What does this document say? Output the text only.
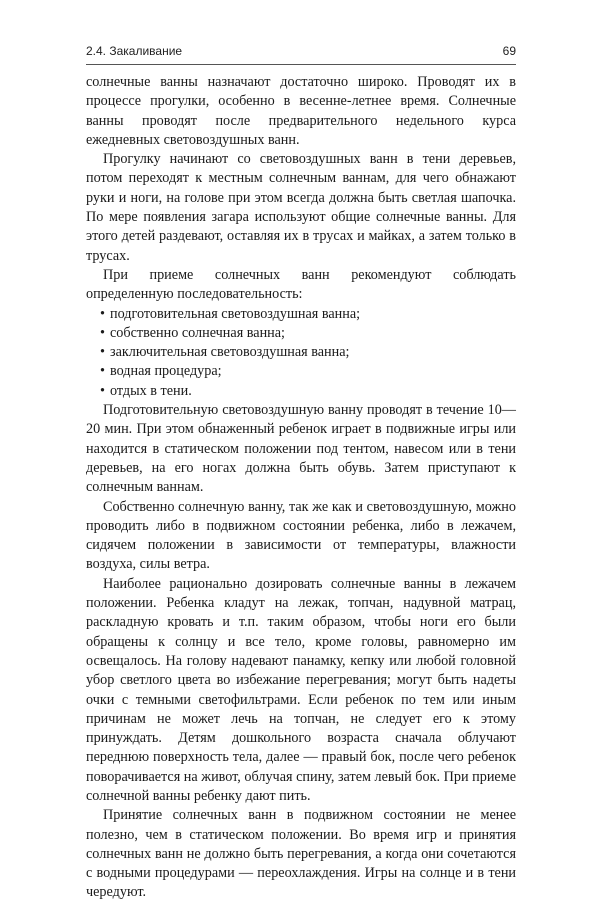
2.4. Закаливание	69

солнечные ванны назначают достаточно широко. Проводят их в процессе прогулки, особенно в весенне-летнее время. Солнечные ванны проводят после предварительного недельного курса ежедневных световоздушных ванн.

Прогулку начинают со световоздушных ванн в тени деревьев, потом переходят к местным солнечным ваннам, для чего обнажают руки и ноги, на голове при этом всегда должна быть светлая шапочка. По мере появления загара используют общие солнечные ванны. Для этого детей раздевают, оставляя их в трусах и майках, а затем только в трусах.

При приеме солнечных ванн рекомендуют соблюдать определенную последовательность:

• подготовительная световоздушная ванна;
• собственно солнечная ванна;
• заключительная световоздушная ванна;
• водная процедура;
• отдых в тени.

Подготовительную световоздушную ванну проводят в течение 10—20 мин. При этом обнаженный ребенок играет в подвижные игры или находится в статическом положении под тентом, навесом или в тени деревьев, на его ногах должна быть обувь. Затем приступают к солнечным ваннам.

Собственно солнечную ванну, так же как и световоздушную, можно проводить либо в подвижном состоянии ребенка, либо в лежачем, сидячем положении в зависимости от температуры, влажности воздуха, силы ветра.

Наиболее рационально дозировать солнечные ванны в лежачем положении. Ребенка кладут на лежак, топчан, надувной матрац, раскладную кровать и т.п. таким образом, чтобы ноги его были обращены к солнцу и все тело, кроме головы, равномерно им освещалось. На голову надевают панамку, кепку или любой головной убор светлого цвета во избежание перегревания; могут быть надеты очки с темными светофильтрами. Если ребенок по тем или иным причинам не может лечь на топчан, не следует его к этому принуждать. Детям дошкольного возраста сначала облучают переднюю поверхность тела, далее — правый бок, после чего ребенок поворачивается на живот, облучая спину, затем левый бок. При приеме солнечной ванны ребенку дают пить.

Принятие солнечных ванн в подвижном состоянии не менее полезно, чем в статическом положении. Во время игр и принятия солнечных ванн не должно быть перегревания, а когда они сочетаются с водными процедурами — переохлаждения. Игры на солнце и в тени чередуют.
